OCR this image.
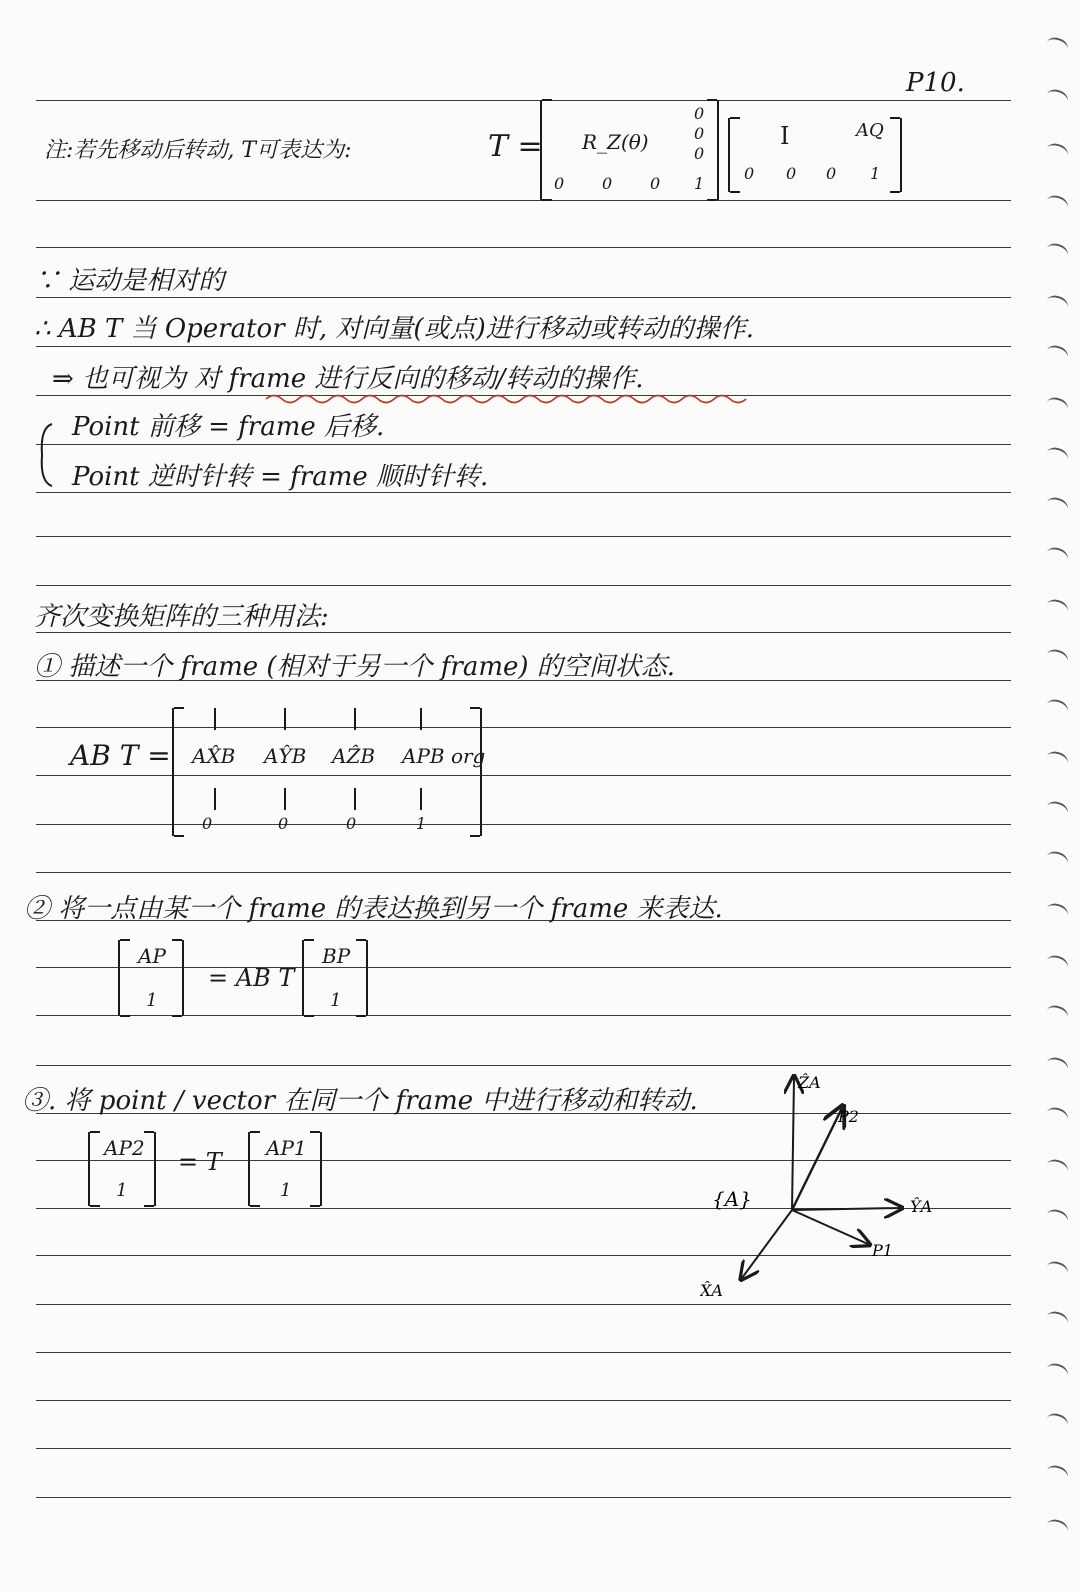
P10.
注:若先移动后转动, T可表达为:	T = R_Z(θ)
0
0
0
0 0 0 1
I	AQ
0 0 0 1
∵ 运动是相对的
∴ AB T 当 Operator 时, 对向量(或点)进行移动或转动的操作.
⇒ 也可视为 对 frame 进行反向的移动/转动的操作.
Point 前移 = frame 后移.
Point 逆时针转 = frame 顺时针转.
齐次变换矩阵的三种用法:
① 描述一个 frame (相对于另一个 frame) 的空间状态.
AB T = AX̂B AŶB AẐB APB org
0	0	0	1
② 将一点由某一个 frame 的表达换到另一个 frame 来表达.
AP
1
= AB T
BP
1
③. 将 point / vector 在同一个 frame 中进行移动和转动.
AP2
1
= T AP1
1
ẐA
ŶA
X̂A
P2
P1
{A}
